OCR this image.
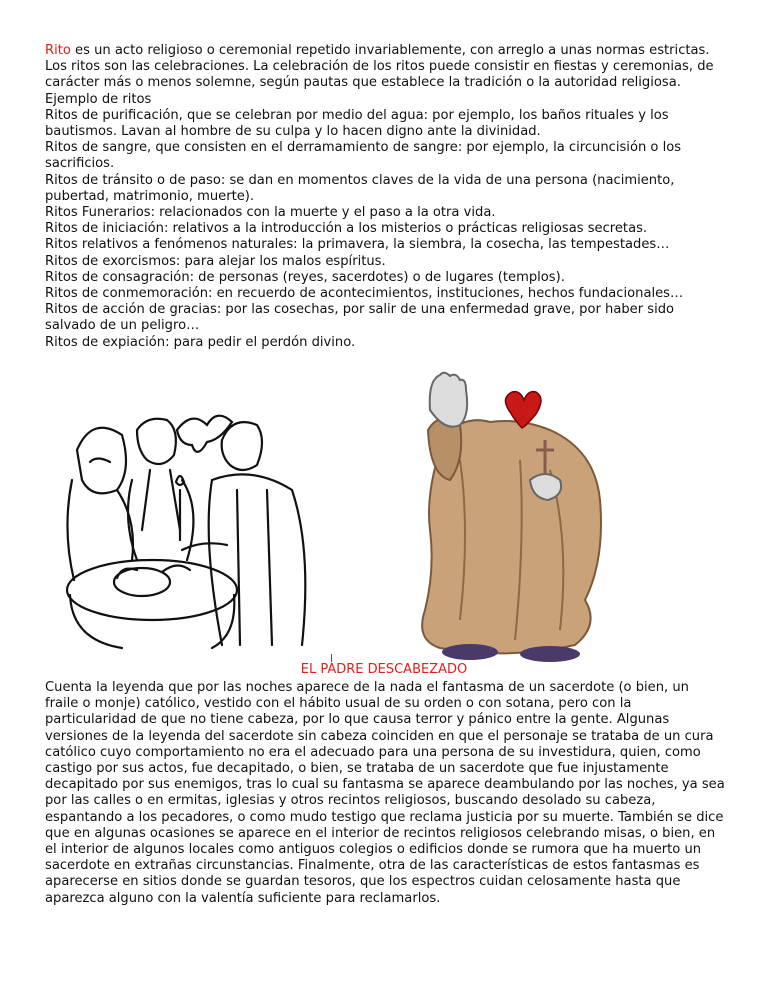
Rito es un acto religioso o ceremonial repetido invariablemente, con arreglo a unas normas estrictas. Los ritos son las celebraciones. La celebración de los ritos puede consistir en fiestas y ceremonias, de carácter más o menos solemne, según pautas que establece la tradición o la autoridad religiosa.

Ejemplo de ritos

Ritos de purificación, que se celebran por medio del agua: por ejemplo, los baños rituales y los bautismos. Lavan al hombre de su culpa y lo hacen digno ante la divinidad.

Ritos de sangre, que consisten en el derramamiento de sangre: por ejemplo, la circuncisión o los sacrificios.

Ritos de tránsito o de paso: se dan en momentos claves de la vida de una persona (nacimiento, pubertad, matrimonio, muerte).

Ritos Funerarios: relacionados con la muerte y el paso a la otra vida.

Ritos de iniciación: relativos a la introducción a los misterios o prácticas religiosas secretas.

Ritos relativos a fenómenos naturales: la primavera, la siembra, la cosecha, las tempestades…

Ritos de exorcismos: para alejar los malos espíritus.

Ritos de consagración: de personas (reyes, sacerdotes) o de lugares (templos).

Ritos de conmemoración: en recuerdo de acontecimientos, instituciones, hechos fundacionales…

Ritos de acción de gracias: por las cosechas, por salir de una enfermedad grave, por haber sido salvado de un peligro…

Ritos de expiación: para pedir el perdón divino.

EL PADRE DESCABEZADO

Cuenta la leyenda que por las noches aparece de la nada el fantasma de un sacerdote (o bien, un fraile o monje) católico, vestido con el hábito usual de su orden o con sotana, pero con la particularidad de que no tiene cabeza, por lo que causa terror y pánico entre la gente. Algunas versiones de la leyenda del sacerdote sin cabeza coinciden en que el personaje se trataba de un cura católico cuyo comportamiento no era el adecuado para una persona de su investidura, quien, como castigo por sus actos, fue decapitado, o bien, se trataba de un sacerdote que fue injustamente decapitado por sus enemigos, tras lo cual su fantasma se aparece deambulando por las noches, ya sea por las calles o en ermitas, iglesias y otros recintos religiosos, buscando desolado su cabeza, espantando a los pecadores, o como mudo testigo que reclama justicia por su muerte. También se dice que en algunas ocasiones se aparece en el interior de recintos religiosos celebrando misas, o bien, en el interior de algunos locales como antiguos colegios o edificios donde se rumora que ha muerto un sacerdote en extrañas circunstancias. Finalmente, otra de las características de estos fantasmas es aparecerse en sitios donde se guardan tesoros, que los espectros cuidan celosamente hasta que aparezca alguno con la valentía suficiente para reclamarlos.
